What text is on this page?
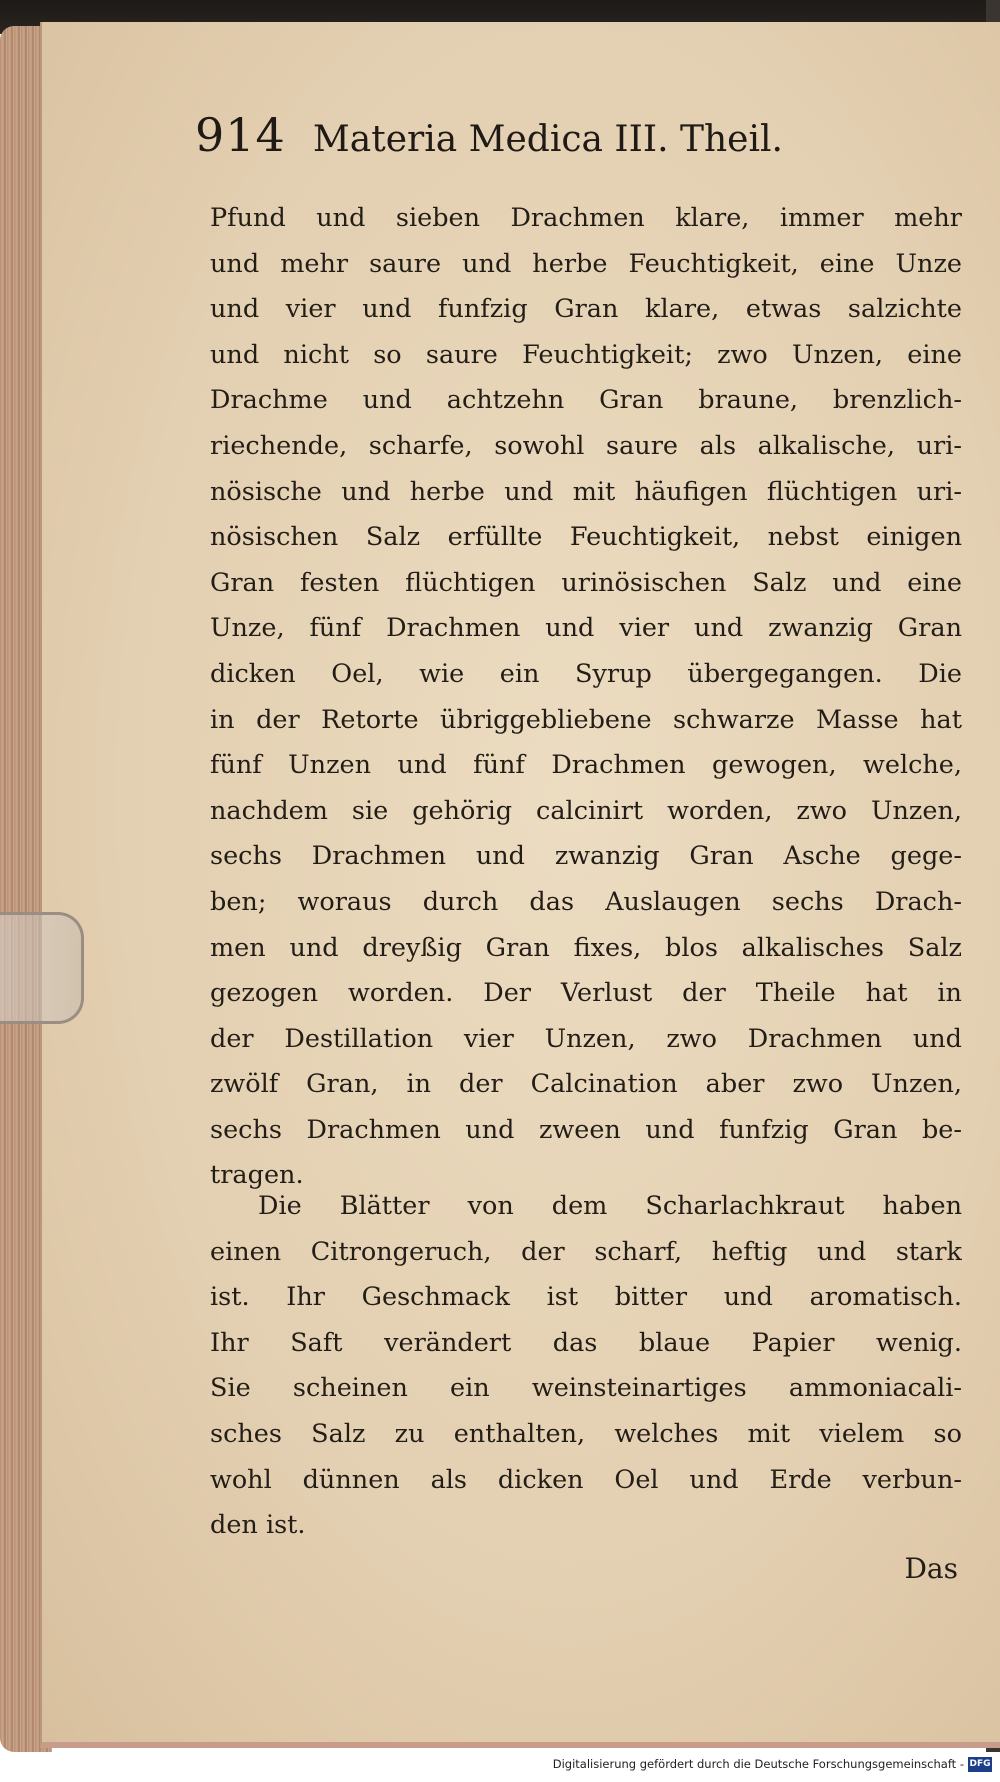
914 Materia Medica III. Theil.
Pfund und sieben Drachmen klare, immer mehr
und mehr saure und herbe Feuchtigkeit, eine Unze
und vier und funfzig Gran klare, etwas salzichte
und nicht so saure Feuchtigkeit; zwo Unzen, eine
Drachme und achtzehn Gran braune, brenzlich-
riechende, scharfe, sowohl saure als alkalische, uri-
nösische und herbe und mit häufigen flüchtigen uri-
nösischen Salz erfüllte Feuchtigkeit, nebst einigen
Gran festen flüchtigen urinösischen Salz und eine
Unze, fünf Drachmen und vier und zwanzig Gran
dicken Oel, wie ein Syrup übergegangen. Die
in der Retorte übriggebliebene schwarze Masse hat
fünf Unzen und fünf Drachmen gewogen, welche,
nachdem sie gehörig calcinirt worden, zwo Unzen,
sechs Drachmen und zwanzig Gran Asche gege-
ben; woraus durch das Auslaugen sechs Drach-
men und dreyßig Gran fixes, blos alkalisches Salz
gezogen worden. Der Verlust der Theile hat in
der Destillation vier Unzen, zwo Drachmen und
zwölf Gran, in der Calcination aber zwo Unzen,
sechs Drachmen und zween und funfzig Gran be-
tragen.
Die Blätter von dem Scharlachkraut haben
einen Citrongeruch, der scharf, heftig und stark
ist. Ihr Geschmack ist bitter und aromatisch.
Ihr Saft verändert das blaue Papier wenig.
Sie scheinen ein weinsteinartiges ammoniacali-
sches Salz zu enthalten, welches mit vielem so
wohl dünnen als dicken Oel und Erde verbun-
den ist.
Das
Digitalisierung gefördert durch die Deutsche Forschungsgemeinschaft - DFG
